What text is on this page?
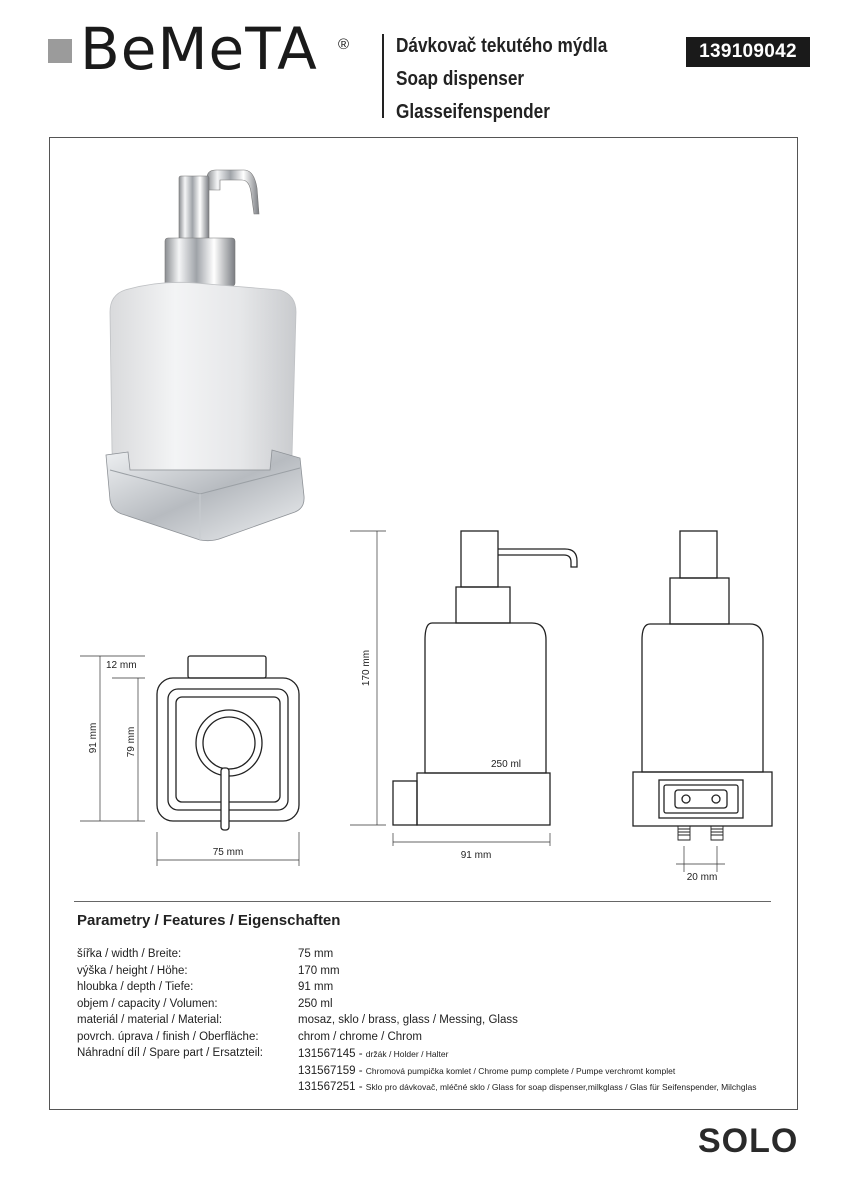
BeMeTA ® Dávkovač tekutého mýdla
Soap dispenser
Glasseifenspender
139109042
12 mm
91 mm	79 mm
75 mm
170 mm
250 ml
91 mm
20 mm
Parametry / Features / Eigenschaften
šířka / width / Breite:	75 mm
výška / height / Höhe:	170 mm
hloubka / depth / Tiefe:	91 mm
objem / capacity / Volumen:	250 ml
materiál / material / Material:	mosaz, sklo / brass, glass / Messing, Glass
povrch. úprava / finish / Oberfläche:	chrom / chrome / Chrom
Náhradní díl / Spare part / Ersatzteil:	131567145 - držák / Holder / Halter
131567159 - Chromová pumpička komlet / Chrome pump complete / Pumpe verchromt komplet
131567251 - Sklo pro dávkovač, mléčné sklo / Glass for soap dispenser,milkglass / Glas für Seifenspender, Milchglas
SOLO
